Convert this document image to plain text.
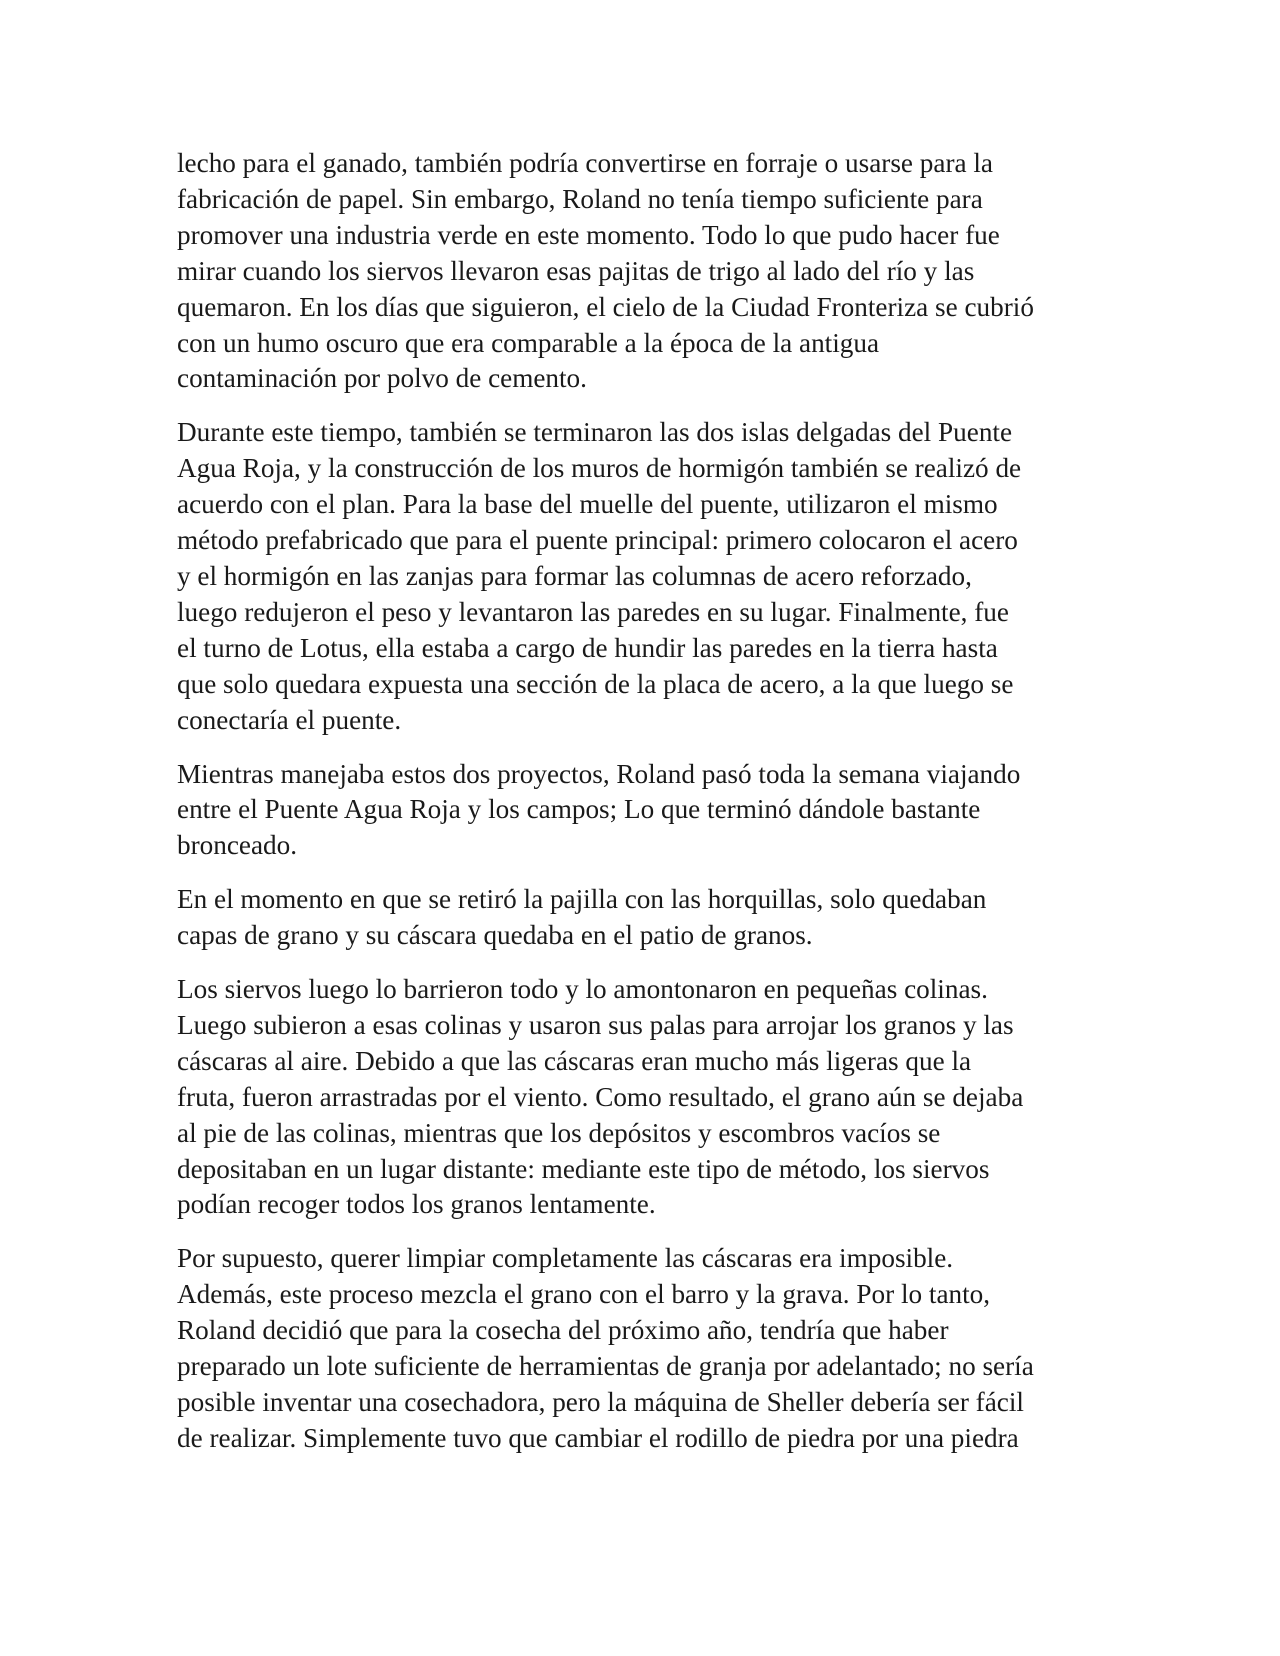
lecho para el ganado, también podría convertirse en forraje o usarse para la
fabricación de papel. Sin embargo, Roland no tenía tiempo suficiente para
promover una industria verde en este momento. Todo lo que pudo hacer fue
mirar cuando los siervos llevaron esas pajitas de trigo al lado del río y las
quemaron. En los días que siguieron, el cielo de la Ciudad Fronteriza se cubrió
con un humo oscuro que era comparable a la época de la antigua
contaminación por polvo de cemento.

Durante este tiempo, también se terminaron las dos islas delgadas del Puente
Agua Roja, y la construcción de los muros de hormigón también se realizó de
acuerdo con el plan. Para la base del muelle del puente, utilizaron el mismo
método prefabricado que para el puente principal: primero colocaron el acero
y el hormigón en las zanjas para formar las columnas de acero reforzado,
luego redujeron el peso y levantaron las paredes en su lugar. Finalmente, fue
el turno de Lotus, ella estaba a cargo de hundir las paredes en la tierra hasta
que solo quedara expuesta una sección de la placa de acero, a la que luego se
conectaría el puente.

Mientras manejaba estos dos proyectos, Roland pasó toda la semana viajando
entre el Puente Agua Roja y los campos; Lo que terminó dándole bastante
bronceado.

En el momento en que se retiró la pajilla con las horquillas, solo quedaban
capas de grano y su cáscara quedaba en el patio de granos.

Los siervos luego lo barrieron todo y lo amontonaron en pequeñas colinas.
Luego subieron a esas colinas y usaron sus palas para arrojar los granos y las
cáscaras al aire. Debido a que las cáscaras eran mucho más ligeras que la
fruta, fueron arrastradas por el viento. Como resultado, el grano aún se dejaba
al pie de las colinas, mientras que los depósitos y escombros vacíos se
depositaban en un lugar distante: mediante este tipo de método, los siervos
podían recoger todos los granos lentamente.

Por supuesto, querer limpiar completamente las cáscaras era imposible.
Además, este proceso mezcla el grano con el barro y la grava. Por lo tanto,
Roland decidió que para la cosecha del próximo año, tendría que haber
preparado un lote suficiente de herramientas de granja por adelantado; no sería
posible inventar una cosechadora, pero la máquina de Sheller debería ser fácil
de realizar. Simplemente tuvo que cambiar el rodillo de piedra por una piedra
